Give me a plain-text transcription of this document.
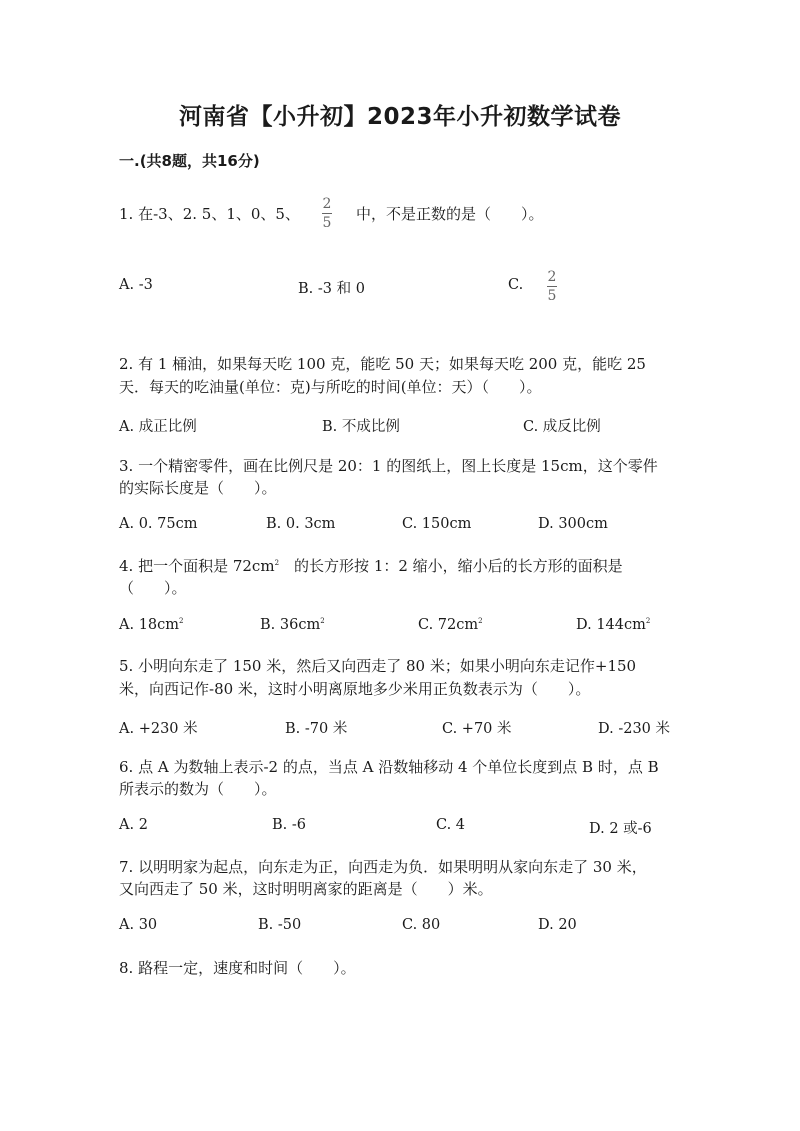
河南省【小升初】2023年小升初数学试卷
一.(共8题，共16分)
1. 在-3、2. 5、1、0、5、
2
5 中，不是正数的是（　　）。
A. -3	B. -3 和 0	C. 2
5
2. 有 1 桶油，如果每天吃 100 克，能吃 50 天；如果每天吃 200 克，能吃 25
天．每天的吃油量(单位：克)与所吃的时间(单位：天）（　　）。
A. 成正比例	B. 不成比例	C. 成反比例
3. 一个精密零件，画在比例尺是 20：1 的图纸上，图上长度是 15cm，这个零件
的实际长度是（　　）。
A. 0. 75cm	B. 0. 3cm	C. 150cm	D. 300cm
4. 把一个面积是 $72cm^2$　 的长方形按 1：2 缩小，缩小后的长方形的面积是
（　　）。
A. $18cm^2$	B. $36cm^2$	C. $72cm^2$	D. $144cm^2$
5. 小明向东走了 150 米，然后又向西走了 80 米；如果小明向东走记作+150
米，向西记作-80 米，这时小明离原地多少米用正负数表示为（　　）。
A. +230 米	B. -70 米	C. +70 米	D. -230 米
6. 点 A 为数轴上表示-2 的点，当点 A 沿数轴移动 4 个单位长度到点 B 时，点 B
所表示的数为（　　）。
A. 2	B. -6	C. 4	D. 2 或-6
7. 以明明家为起点，向东走为正，向西走为负．如果明明从家向东走了 30 米，
又向西走了 50 米，这时明明离家的距离是（　　）米。
A. 30	B. -50	C. 80	D. 20
8. 路程一定，速度和时间（　　）。
